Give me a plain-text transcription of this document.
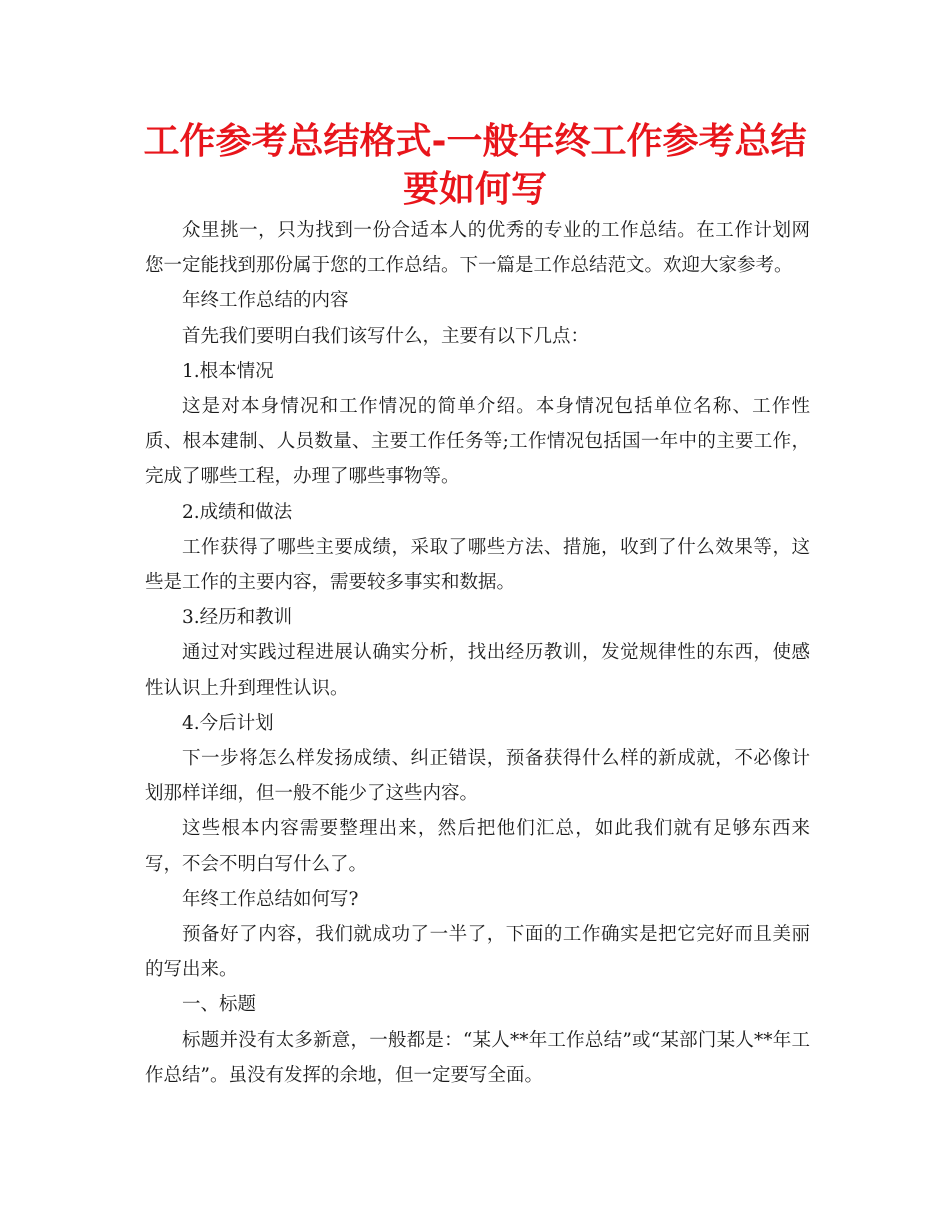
工作参考总结格式-一般年终工作参考总结要如何写

众里挑一，只为找到一份合适本人的优秀的专业的工作总结。在工作计划网您一定能找到那份属于您的工作总结。下一篇是工作总结范文。欢迎大家参考。

年终工作总结的内容

首先我们要明白我们该写什么，主要有以下几点：

1.根本情况

这是对本身情况和工作情况的简单介绍。本身情况包括单位名称、工作性质、根本建制、人员数量、主要工作任务等;工作情况包括国一年中的主要工作，完成了哪些工程，办理了哪些事物等。

2.成绩和做法

工作获得了哪些主要成绩，采取了哪些方法、措施，收到了什么效果等，这些是工作的主要内容，需要较多事实和数据。

3.经历和教训

通过对实践过程进展认确实分析，找出经历教训，发觉规律性的东西，使感性认识上升到理性认识。

4.今后计划

下一步将怎么样发扬成绩、纠正错误，预备获得什么样的新成就，不必像计划那样详细，但一般不能少了这些内容。

这些根本内容需要整理出来，然后把他们汇总，如此我们就有足够东西来写，不会不明白写什么了。

年终工作总结如何写?

预备好了内容，我们就成功了一半了，下面的工作确实是把它完好而且美丽的写出来。

一、标题

标题并没有太多新意，一般都是：“某人**年工作总结”或“某部门某人**年工作总结”。虽没有发挥的余地，但一定要写全面。
